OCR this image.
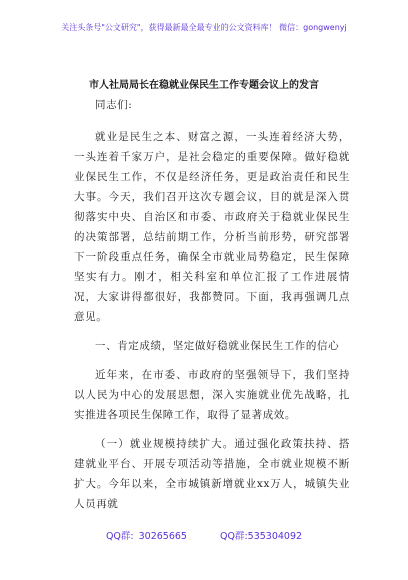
关注头条号"公文研究"，获得最新最全最专业的公文资料库！ 微信：gongwenyj
市人社局局长在稳就业保民生工作专题会议上的发言

同志们:

就业是民生之本、财富之源，一头连着经济大势，一头连着千家万户，是社会稳定的重要保障。做好稳就业保民生工作，不仅是经济任务，更是政治责任和民生大事。今天，我们召开这次专题会议，目的就是深入贯彻落实中央、自治区和市委、市政府关于稳就业保民生的决策部署，总结前期工作，分析当前形势，研究部署下一阶段重点任务，确保全市就业局势稳定，民生保障坚实有力。刚才，相关科室和单位汇报了工作进展情况，大家讲得都很好，我都赞同。下面，我再强调几点意见。

一、肯定成绩，坚定做好稳就业保民生工作的信心

近年来，在市委、市政府的坚强领导下，我们坚持以人民为中心的发展思想，深入实施就业优先战略，扎实推进各项民生保障工作，取得了显著成效。

（一）就业规模持续扩大。通过强化政策扶持、搭建就业平台、开展专项活动等措施，全市就业规模不断扩大。今年以来，全市城镇新增就业xx万人，城镇失业人员再就

QQ群: 30265665	QQ群:535304092
